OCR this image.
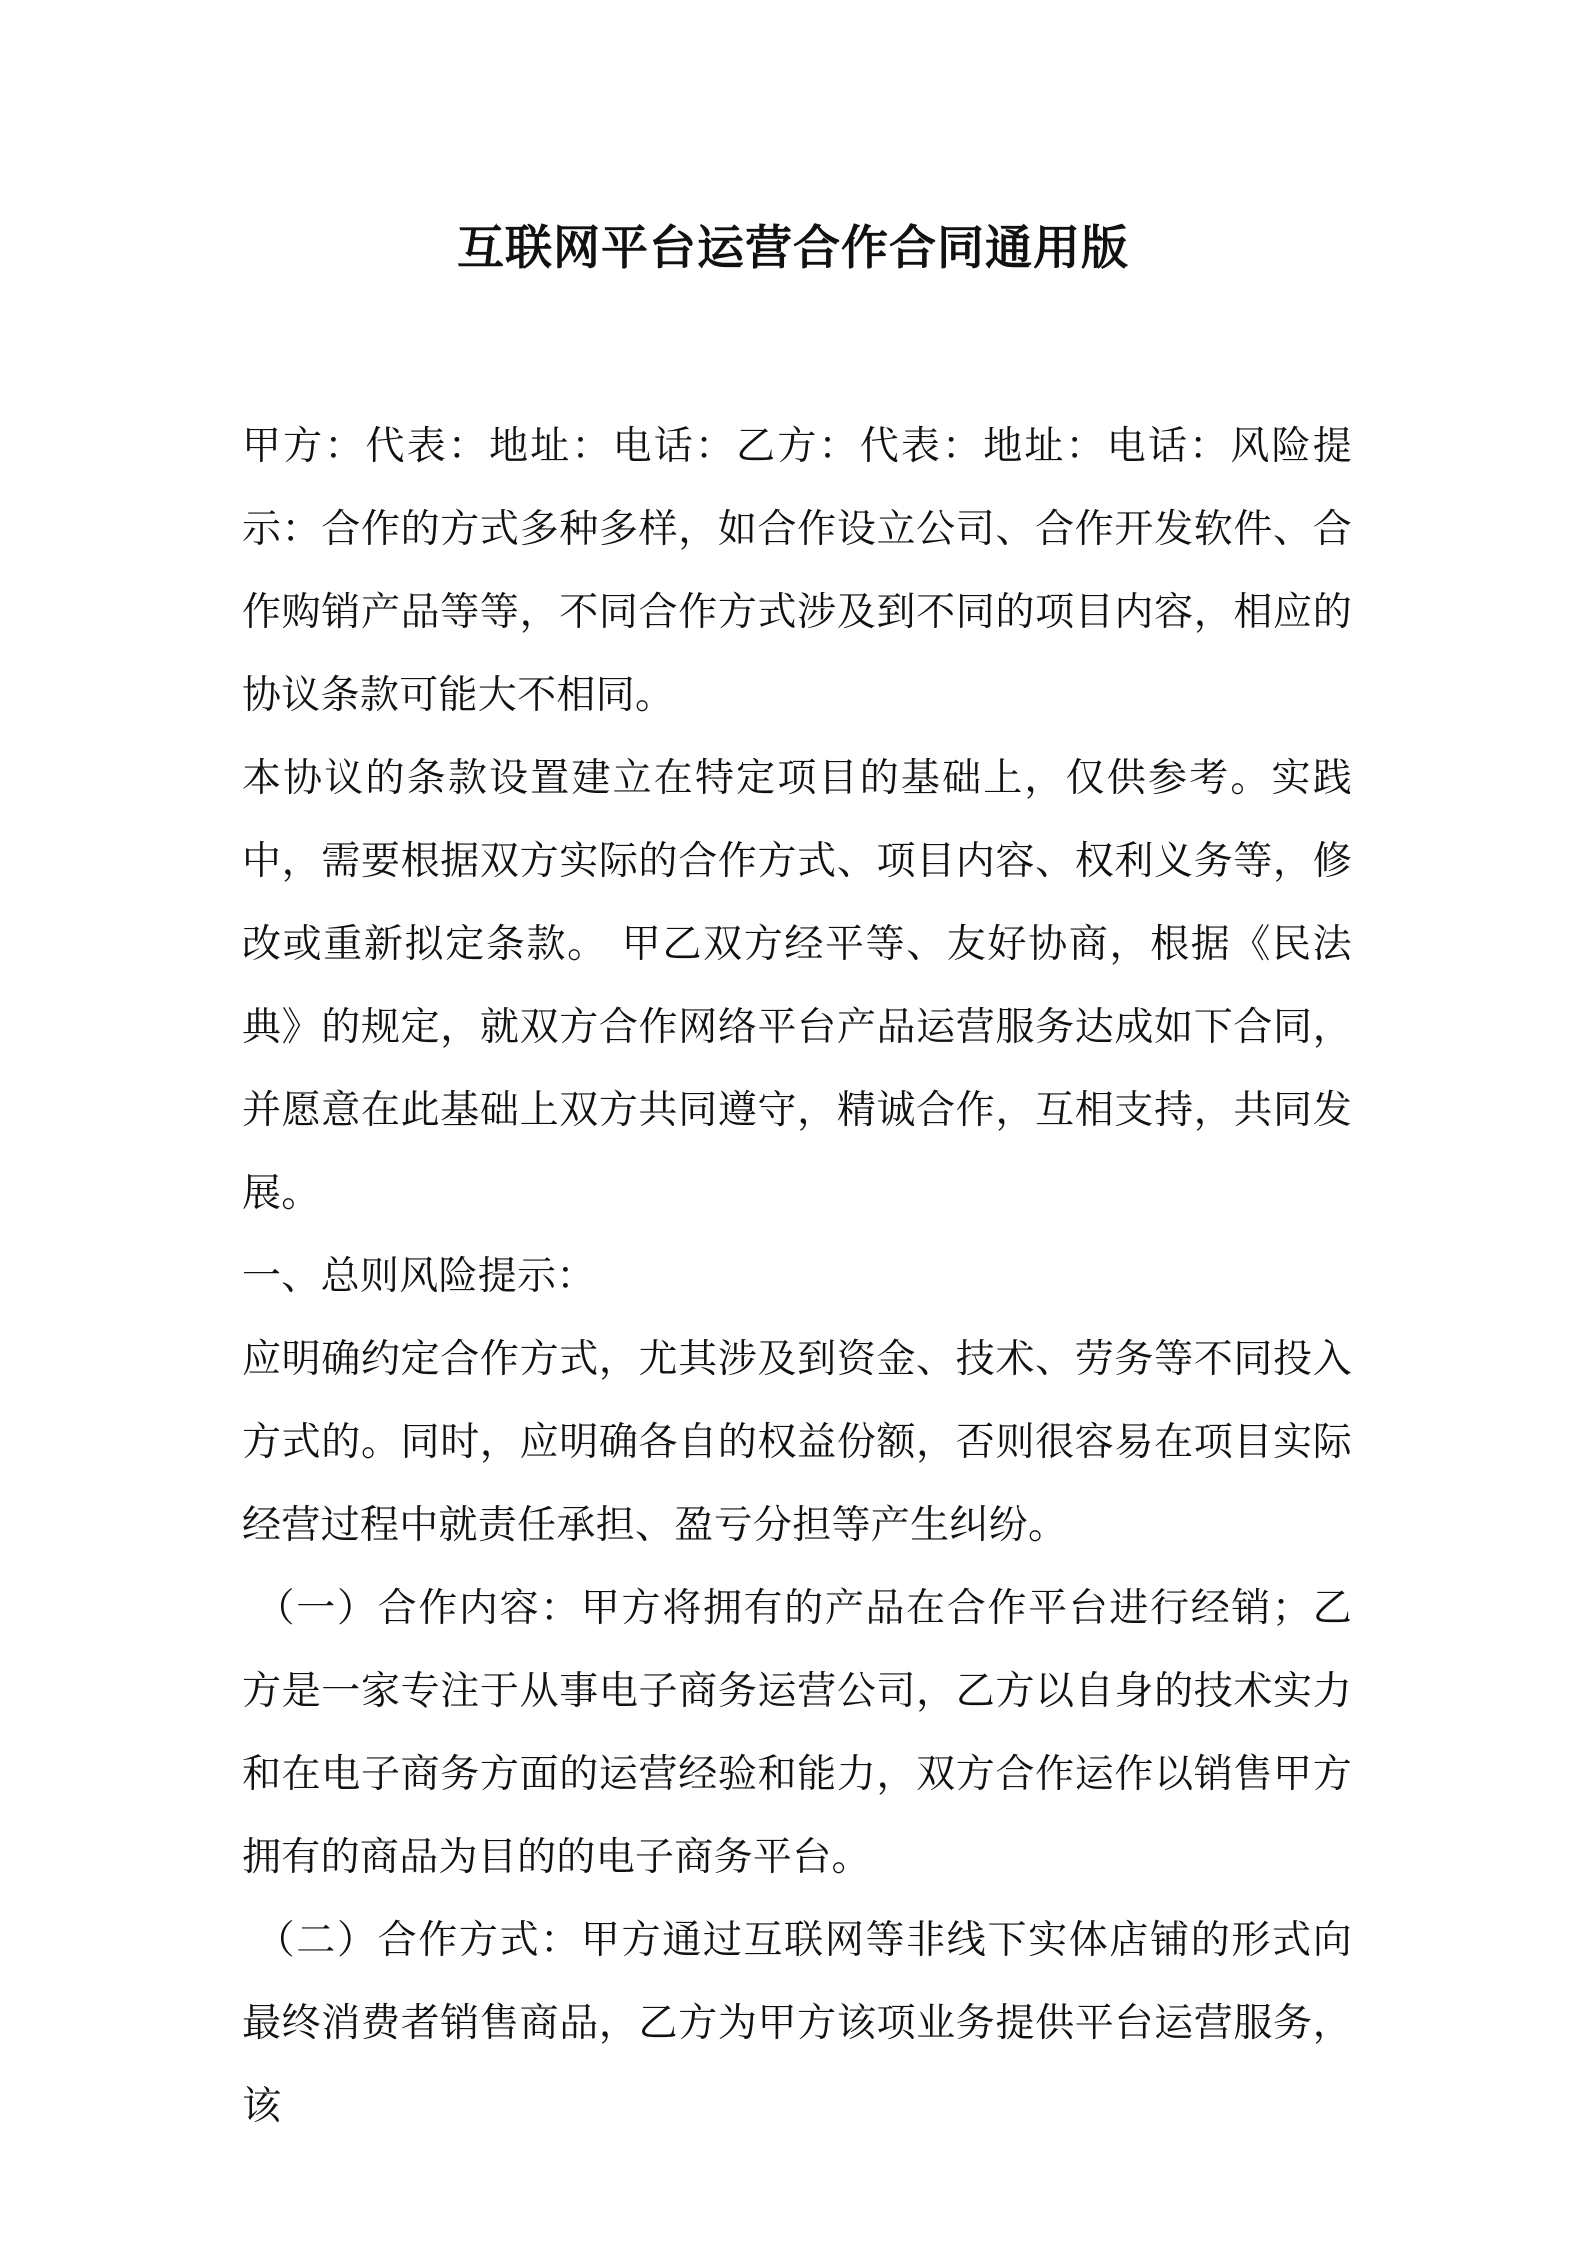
互联网平台运营合作合同通用版

甲方：代表：地址：电话：乙方：代表：地址：电话：风险提示：合作的方式多种多样，如合作设立公司、合作开发软件、合作购销产品等等，不同合作方式涉及到不同的项目内容，相应的协议条款可能大不相同。

本协议的条款设置建立在特定项目的基础上，仅供参考。实践中，需要根据双方实际的合作方式、项目内容、权利义务等，修改或重新拟定条款。 甲乙双方经平等、友好协商，根据《民法典》的规定，就双方合作网络平台产品运营服务达成如下合同，并愿意在此基础上双方共同遵守，精诚合作，互相支持，共同发展。

一、总则风险提示：

应明确约定合作方式，尤其涉及到资金、技术、劳务等不同投入方式的。同时，应明确各自的权益份额，否则很容易在项目实际经营过程中就责任承担、盈亏分担等产生纠纷。

（一）合作内容：甲方将拥有的产品在合作平台进行经销；乙方是一家专注于从事电子商务运营公司，乙方以自身的技术实力和在电子商务方面的运营经验和能力，双方合作运作以销售甲方拥有的商品为目的的电子商务平台。

（二）合作方式：甲方通过互联网等非线下实体店铺的形式向最终消费者销售商品，乙方为甲方该项业务提供平台运营服务，该
